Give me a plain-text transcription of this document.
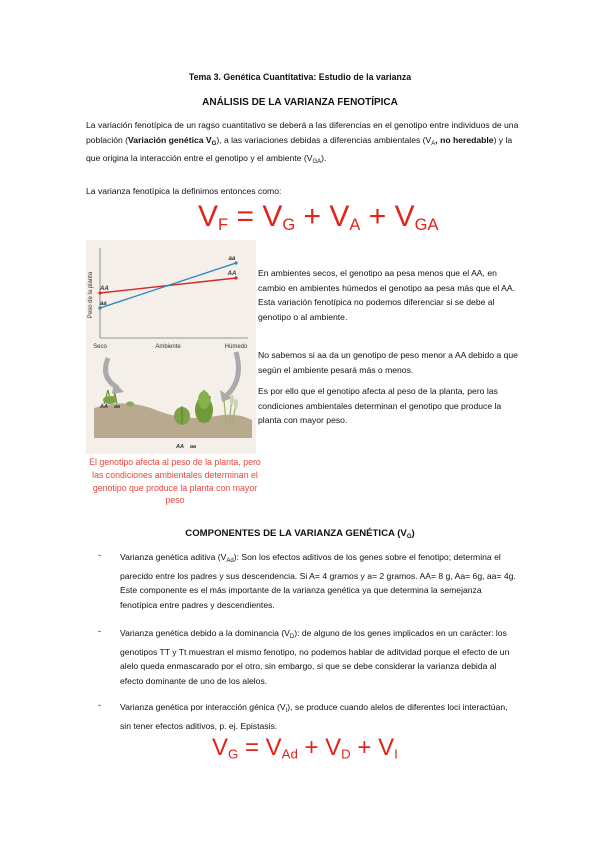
Tema 3. Genética Cuantitativa: Estudio de la varianza
ANÁLISIS DE LA VARIANZA FENOTÍPICA

La variación fenotípica de un ragso cuantitativo se deberá a las diferencias en el genotipo entre individuos de una población (Variación genética $V_G$), a las variaciones debidas a diferencias ambientales ($V_A$, no heredable) y la que origina la interacción entre el genotipo y el ambiente $(V_{GA})$.

La varianza fenotípica la definimos entonces como:

$V_F = V_G + V_A + V_{GA}$
Peso de la planta
Ambiente
Seco	Húmedo
AA
aa
AA
aa
AA aa
AA aa
El genotipo afecta al peso de la planta, pero las condiciones ambientales determinan el genotipo que produce la planta con mayor peso

En ambientes secos, el genotipo aa pesa menos que el AA, en cambio en ambientes húmedos el genotipo aa pesa más que el AA. Esta variación fenotípica no podemos diferenciar si se debe al genotipo o al ambiente.

No sabemos si aa da un genotipo de peso menor a AA debido a que según el ambiente pesará más o menos.

Es por ello que el genotipo afecta al peso de la planta, pero las condiciones ambientales determinan el genotipo que produce la planta con mayor peso.

COMPONENTES DE LA VARIANZA GENÉTICA $(V_G)$
- Varianza genética aditiva $(V_{Ad})$: Son los efectos aditivos de los genes sobre el fenotipo; determina el parecido entre los padres y sus descendencia. Si A= 4 gramos y a= 2 gramos. AA= 8 g, Aa= 6g, aa= 4g. Este componente es el más importante de la varianza genética ya que determina la semejanza fenotípica entre padres y descendientes.

- Varianza genética debido a la dominancia $(V_D)$: de alguno de los genes implicados en un carácter: los genotipos TT y Tt muestran el mismo fenotipo, no podemos hablar de aditvidad porque el efecto de un alelo queda enmascarado por el otro, sin embargo, si que se debe considerar la varianza debida al efecto dominante de uno de los alelos.

- Varianza genética por interacción génica $(V_I)$, se produce cuando alelos de diferentes loci interactúan, sin tener efectos aditivos, p. ej. Epistasis.

$V_G = V_{Ad} + V_D + V_I$
